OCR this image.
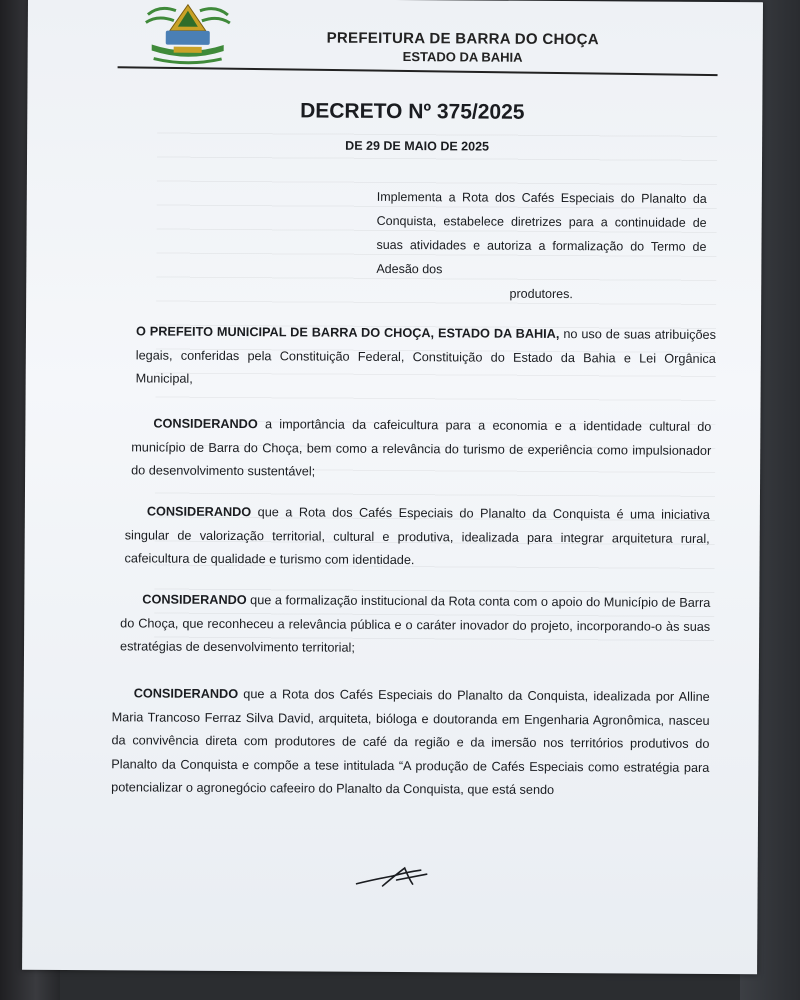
PREFEITURA DE BARRA DO CHOÇA
ESTADO DA BAHIA
DECRETO Nº 375/2025
DE 29 DE MAIO DE 2025
Implementa a Rota dos Cafés Especiais do Planalto da Conquista, estabelece diretrizes para a continuidade de suas atividades e autoriza a formalização do Termo de Adesão dos
produtores.
O PREFEITO MUNICIPAL DE BARRA DO CHOÇA, ESTADO DA BAHIA, no uso de suas atribuições legais, conferidas pela Constituição Federal, Constituição do Estado da Bahia e Lei Orgânica Municipal,
CONSIDERANDO a importância da cafeicultura para a economia e a identidade cultural do município de Barra do Choça, bem como a relevância do turismo de experiência como impulsionador do desenvolvimento sustentável;
CONSIDERANDO que a Rota dos Cafés Especiais do Planalto da Conquista é uma iniciativa singular de valorização territorial, cultural e produtiva, idealizada para integrar arquitetura rural, cafeicultura de qualidade e turismo com identidade.
CONSIDERANDO que a formalização institucional da Rota conta com o apoio do Município de Barra do Choça, que reconheceu a relevância pública e o caráter inovador do projeto, incorporando-o às suas estratégias de desenvolvimento territorial;
CONSIDERANDO que a Rota dos Cafés Especiais do Planalto da Conquista, idealizada por Alline Maria Trancoso Ferraz Silva David, arquiteta, bióloga e doutoranda em Engenharia Agronômica, nasceu da convivência direta com produtores de café da região e da imersão nos territórios produtivos do Planalto da Conquista e compõe a tese intitulada “A produção de Cafés Especiais como estratégia para potencializar o agronegócio cafeeiro do Planalto da Conquista, que está sendo
